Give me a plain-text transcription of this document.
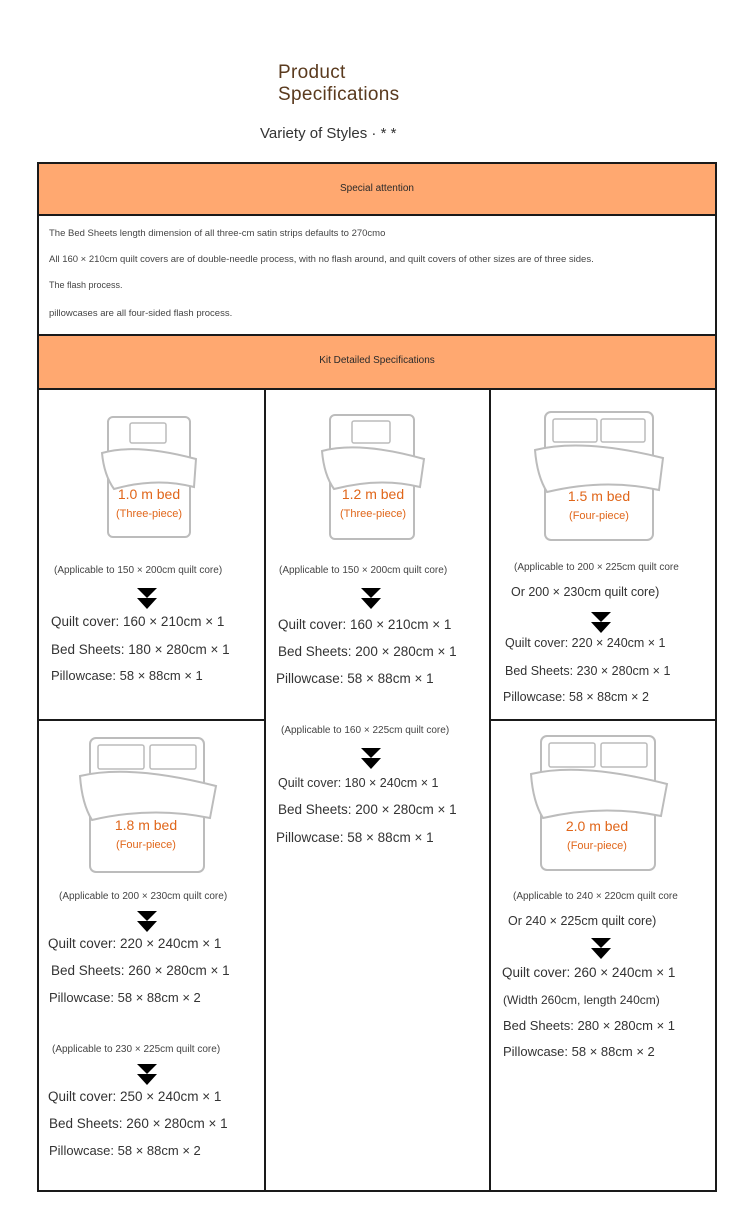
Product
Specifications
Variety of Styles · * *
Special attention
The Bed Sheets length dimension of all three-cm satin strips defaults to 270cmo
All 160 × 210cm quilt covers are of double-needle process, with no flash around, and quilt covers of other sizes are of three sides.
The flash process.
pillowcases are all four-sided flash process.
Kit Detailed Specifications
1.0 m bed
(Three-piece)
(Applicable to 150 × 200cm quilt core)
Quilt cover: 160 × 210cm × 1
Bed Sheets: 180 × 280cm × 1
Pillowcase: 58 × 88cm × 1
1.2 m bed
(Three-piece)
(Applicable to 150 × 200cm quilt core)
Quilt cover: 160 × 210cm × 1
Bed Sheets: 200 × 280cm × 1
Pillowcase: 58 × 88cm × 1
(Applicable to 160 × 225cm quilt core)
Quilt cover: 180 × 240cm × 1
Bed Sheets: 200 × 280cm × 1
Pillowcase: 58 × 88cm × 1
1.5 m bed
(Four-piece)
(Applicable to 200 × 225cm quilt core
Or 200 × 230cm quilt core)
Quilt cover: 220 × 240cm × 1
Bed Sheets: 230 × 280cm × 1
Pillowcase: 58 × 88cm × 2
1.8 m bed
(Four-piece)
(Applicable to 200 × 230cm quilt core)
Quilt cover: 220 × 240cm × 1
Bed Sheets: 260 × 280cm × 1
Pillowcase: 58 × 88cm × 2
(Applicable to 230 × 225cm quilt core)
Quilt cover: 250 × 240cm × 1
Bed Sheets: 260 × 280cm × 1
Pillowcase: 58 × 88cm × 2
2.0 m bed
(Four-piece)
(Applicable to 240 × 220cm quilt core
Or 240 × 225cm quilt core)
Quilt cover: 260 × 240cm × 1
(Width 260cm, length 240cm)
Bed Sheets: 280 × 280cm × 1
Pillowcase: 58 × 88cm × 2
